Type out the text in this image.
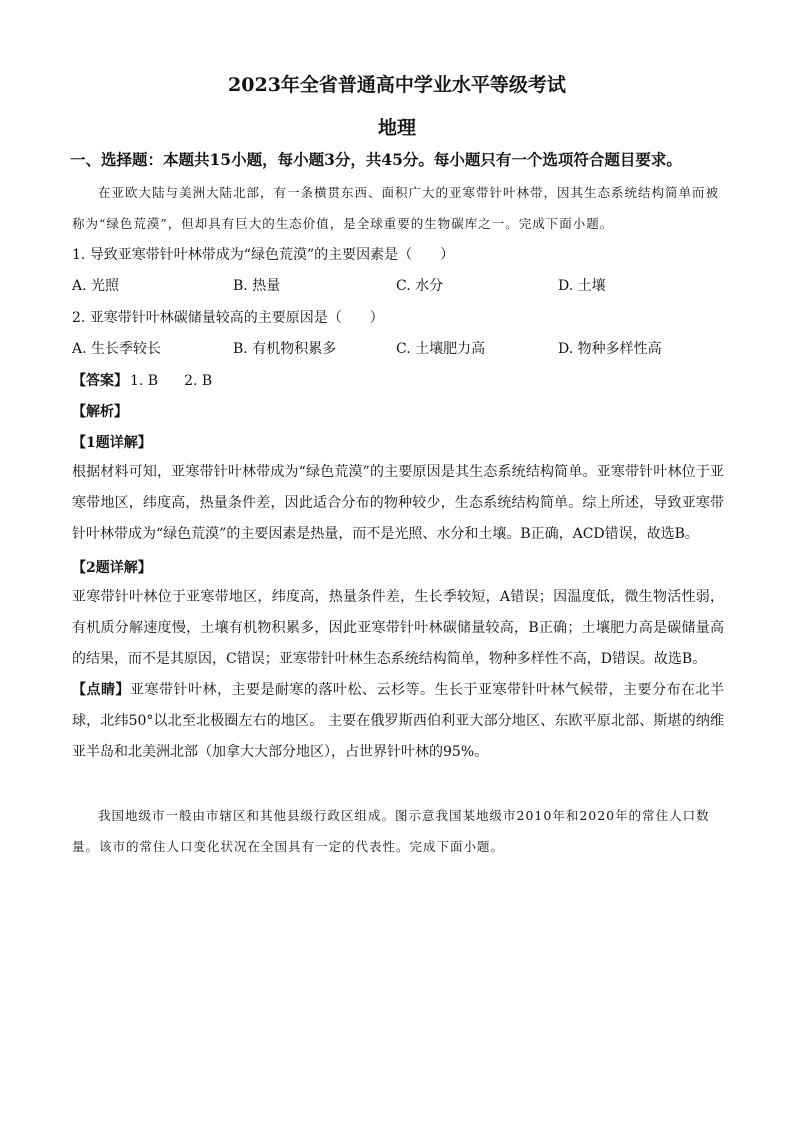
2023年全省普通高中学业水平等级考试
地理
一、选择题：本题共15小题，每小题3分，共45分。每小题只有一个选项符合题目要求。

在亚欧大陆与美洲大陆北部，有一条横贯东西、面积广大的亚寒带针叶林带，因其生态系统结构简单而被称为“绿色荒漠”，但却具有巨大的生态价值，是全球重要的生物碳库之一。完成下面小题。

1. 导致亚寒带针叶林带成为“绿色荒漠”的主要因素是（　　）
A. 光照	B. 热量	C. 水分	D. 土壤
2. 亚寒带针叶林碳储量较高的主要原因是（　　）
A. 生长季较长	B. 有机物积累多	C. 土壤肥力高	D. 物种多样性高
【答案】 1. B 2. B
【解析】
【1题详解】

根据材料可知，亚寒带针叶林带成为“绿色荒漠”的主要原因是其生态系统结构简单。亚寒带针叶林位于亚寒带地区，纬度高，热量条件差，因此适合分布的物种较少，生态系统结构简单。综上所述，导致亚寒带针叶林带成为“绿色荒漠”的主要因素是热量，而不是光照、水分和土壤。B正确，ACD错误，故选B。

【2题详解】

亚寒带针叶林位于亚寒带地区，纬度高，热量条件差，生长季较短，A错误；因温度低，微生物活性弱，有机质分解速度慢，土壤有机物积累多，因此亚寒带针叶林碳储量较高，B正确；土壤肥力高是碳储量高的结果，而不是其原因，C错误；亚寒带针叶林生态系统结构简单，物种多样性不高，D错误。故选B。

【点睛】亚寒带针叶林，主要是耐寒的落叶松、云杉等。生长于亚寒带针叶林气候带，主要分布在北半球，北纬50°以北至北极圈左右的地区。 主要在俄罗斯西伯利亚大部分地区、东欧平原北部、斯堪的纳维亚半岛和北美洲北部（加拿大大部分地区），占世界针叶林的95%。

我国地级市一般由市辖区和其他县级行政区组成。图示意我国某地级市2010年和2020年的常住人口数量。该市的常住人口变化状况在全国具有一定的代表性。完成下面小题。
